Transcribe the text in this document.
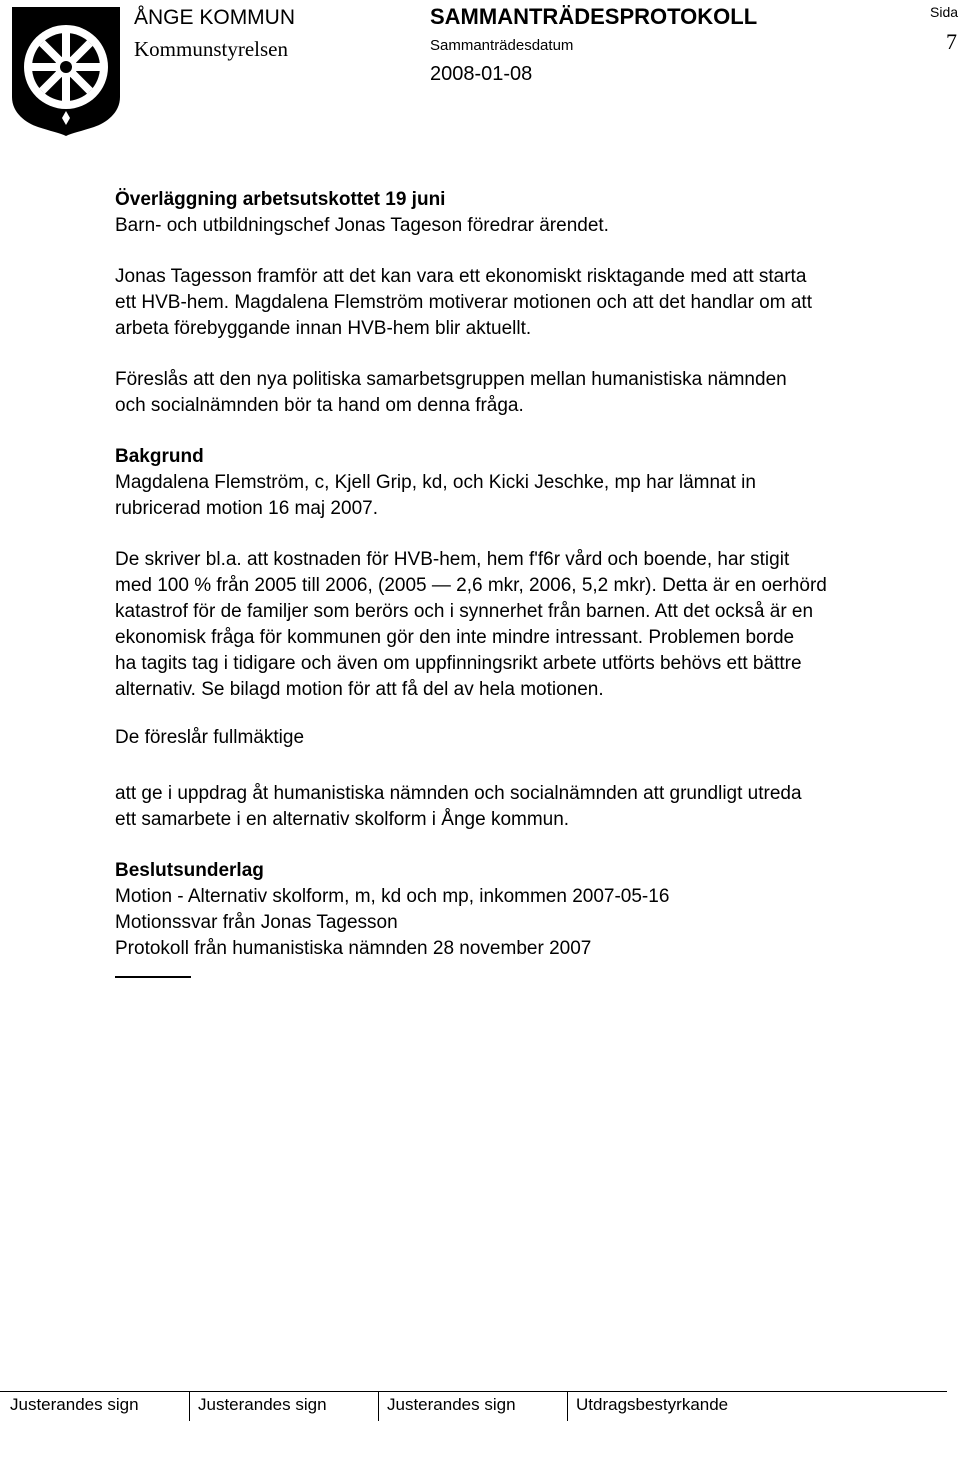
ÅNGE KOMMUN
Kommunstyrelsen
SAMMANTRÄDESPROTOKOLL
Sammanträdesdatum
2008-01-08
Sida
7

Överläggning arbetsutskottet 19 juni

Barn- och utbildningschef Jonas Tageson föredrar ärendet.

Jonas Tagesson framför att det kan vara ett ekonomiskt risktagande med att starta
ett HVB-hem. Magdalena Flemström motiverar motionen och att det handlar om att
arbeta förebyggande innan HVB-hem blir aktuellt.

Föreslås att den nya politiska samarbetsgruppen mellan humanistiska nämnden
och socialnämnden bör ta hand om denna fråga.

Bakgrund

Magdalena Flemström, c, Kjell Grip, kd, och Kicki Jeschke, mp har lämnat in
rubricerad motion 16 maj 2007.

De skriver bl.a. att kostnaden för HVB-hem, hem f'f6r vård och boende, har stigit
med 100 % från 2005 till 2006, (2005 — 2,6 mkr, 2006, 5,2 mkr). Detta är en oerhörd
katastrof för de familjer som berörs och i synnerhet från barnen. Att det också är en
ekonomisk fråga för kommunen gör den inte mindre intressant. Problemen borde
ha tagits tag i tidigare och även om uppfinningsrikt arbete utförts behövs ett bättre
alternativ. Se bilagd motion för att få del av hela motionen.

De föreslår fullmäktige

att ge i uppdrag åt humanistiska nämnden och socialnämnden att grundligt utreda
ett samarbete i en alternativ skolform i Ånge kommun.

Beslutsunderlag

Motion - Alternativ skolform, m, kd och mp, inkommen 2007-05-16

Motionssvar från Jonas Tagesson

Protokoll från humanistiska nämnden 28 november 2007

Justerandes sign	Justerandes sign	Justerandes sign	Utdragsbestyrkande
